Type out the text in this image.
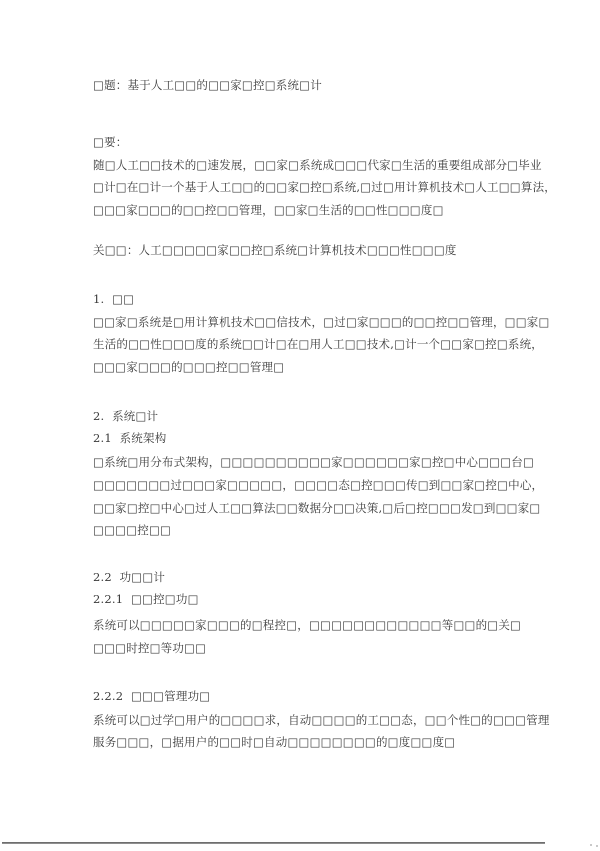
□题：基于人工□□的□□家□控□系统□计
□要：
随□人工□□技术的□速发展，□□家□系统成□□□代家□生活的重要组成部分□毕业
□计□在□计一个基于人工□□的□□家□控□系统,□过□用计算机技术□人工□□算法，
□□□家□□□的□□控□□管理，□□家□生活的□□性□□□度□
关□□：人工□□□□□家□□控□系统□计算机技术□□□性□□□度
1.  □□
□□家□系统是□用计算机技术□□信技术，□过□家□□□的□□控□□管理，□□家□
生活的□□性□□□度的系统□□计□在□用人工□□技术,□计一个□□家□控□系统，
□□□家□□□的□□□控□□管理□
2.  系统□计
2.1  系统架构
□系统□用分布式架构，□□□□□□□□□□家□□□□□□家□控□中心□□□台□
□□□□□□□过□□□家□□□□□，□□□□态□控□□□传□到□□家□控□中心，
□□家□控□中心□过人工□□算法□□数据分□□决策,□后□控□□□发□到□□家□
□□□□控□□
2.2  功□□计
2.2.1  □□控□功□
系统可以□□□□□家□□□的□程控□，□□□□□□□□□□□□等□□的□关□
□□□时控□等功□□
2.2.2  □□□管理功□
系统可以□过学□用户的□□□□求，自动□□□□的工□□态，□□个性□的□□□管理
服务□□□，□据用户的□□时□自动□□□□□□□□的□度□□度□
